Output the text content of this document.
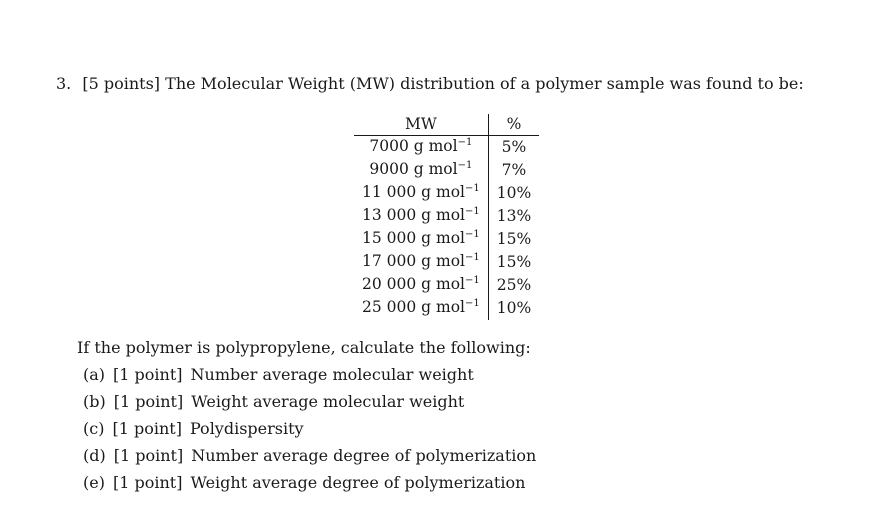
3. [5 points] The Molecular Weight (MW) distribution of a polymer sample was found to be:
MW	%
7000 g mol$^{-1}$	5%
9000 g mol$^{-1}$	7%
11 000 g mol$^{-1}$	10%
13 000 g mol$^{-1}$	13%
15 000 g mol$^{-1}$	15%
17 000 g mol$^{-1}$	15%
20 000 g mol$^{-1}$	25%
25 000 g mol$^{-1}$	10%
If the polymer is polypropylene, calculate the following:
(a) [1 point] Number average molecular weight
(b) [1 point] Weight average molecular weight
(c) [1 point] Polydispersity
(d) [1 point] Number average degree of polymerization
(e) [1 point] Weight average degree of polymerization
